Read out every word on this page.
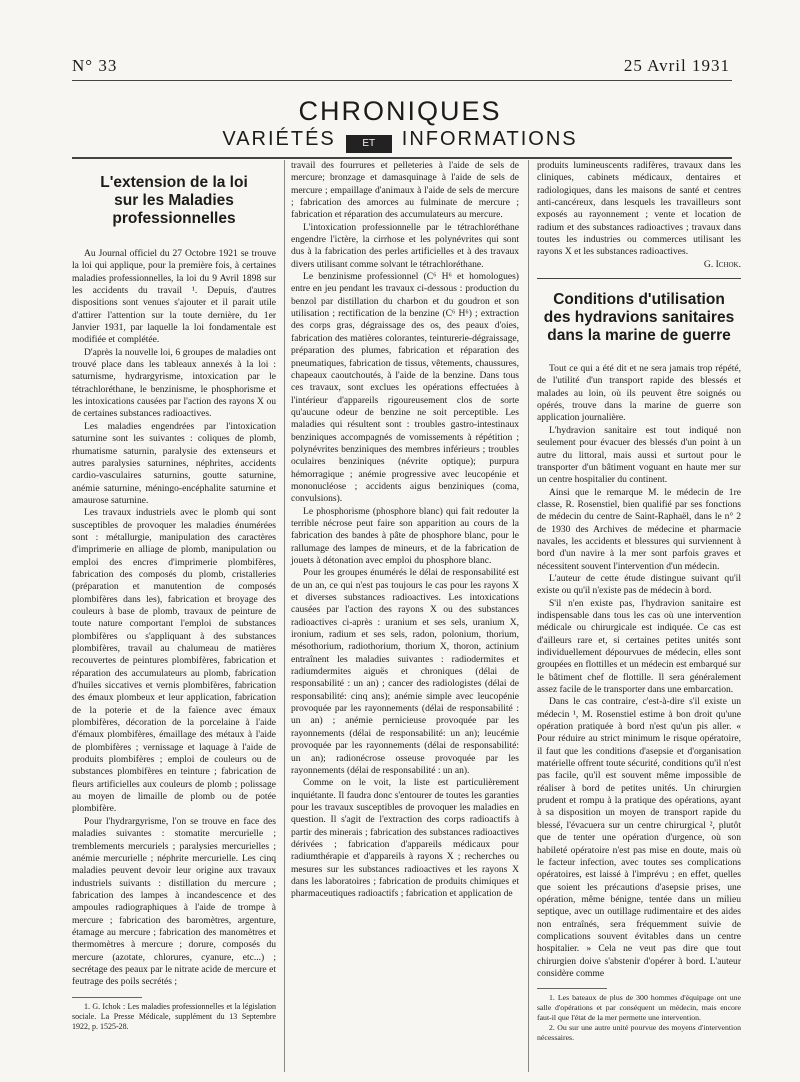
N° 33	25 Avril 1931
CHRONIQUES
VARIÉTÉS	ET INFORMATIONS
L'extension de la loi
sur les Maladies professionnelles

Au Journal officiel du 27 Octobre 1921 se trouve la loi qui applique, pour la première fois, à certaines maladies professionnelles, la loi du 9 Avril 1898 sur les accidents du travail ¹. Depuis, d'autres dispositions sont venues s'ajouter et il parait utile d'attirer l'attention sur la toute dernière, du 1er Janvier 1931, par laquelle la loi fondamentale est modifiée et complétée.

D'après la nouvelle loi, 6 groupes de maladies ont trouvé place dans les tableaux annexés à la loi : saturnisme, hydrargyrisme, intoxication par le tétrachloréthane, le benzinisme, le phosphorisme et les intoxications causées par l'action des rayons X ou de certaines substances radioactives.

Les maladies engendrées par l'intoxication saturnine sont les suivantes : coliques de plomb, rhumatisme saturnin, paralysie des extenseurs et autres paralysies saturnines, néphrites, accidents cardio-vasculaires saturnins, goutte saturnine, anémie saturnine, méningo-encéphalite saturnine et amaurose saturnine.

Les travaux industriels avec le plomb qui sont susceptibles de provoquer les maladies énumérées sont : métallurgie, manipulation des caractères d'imprimerie en alliage de plomb, manipulation ou emploi des encres d'imprimerie plombifères, fabrication des composés du plomb, cristalleries (préparation et manutention de composés plombifères dans les), fabrication et broyage des couleurs à base de plomb, travaux de peinture de toute nature comportant l'emploi de substances plombifères ou s'appliquant à des substances plombifères, travail au chalumeau de matières recouvertes de peintures plombifères, fabrication et réparation des accumulateurs au plomb, fabrication d'huiles siccatives et vernis plombifères, fabrication des émaux plombeux et leur application, fabrication de la poterie et de la faïence avec émaux plombifères, décoration de la porcelaine à l'aide d'émaux plombifères, émaillage des métaux à l'aide de plombifères ; vernissage et laquage à l'aide de produits plombifères ; emploi de couleurs ou de substances plombifères en teinture ; fabrication de fleurs artificielles aux couleurs de plomb ; polissage au moyen de limaille de plomb ou de potée plombifère.

Pour l'hydrargyrisme, l'on se trouve en face des maladies suivantes : stomatite mercurielle ; tremblements mercuriels ; paralysies mercurielles ; anémie mercurielle ; néphrite mercurielle. Les cinq maladies peuvent devoir leur origine aux travaux industriels suivants : distillation du mercure ; fabrication des lampes à incandescence et des ampoules radiographiques à l'aide de trompe à mercure ; fabrication des baromètres, argenture, étamage au mercure ; fabrication des manomètres et thermomètres à mercure ; dorure, composés du mercure (azotate, chlorures, cyanure, etc...) ; secrétage des peaux par le nitrate acide de mercure et feutrage des poils secrétés ;

1. G. Ichok : Les maladies professionnelles et la législation sociale. La Presse Médicale, supplément du 13 Septembre 1922, p. 1525-28.

travail des fourrures et pelleteries à l'aide de sels de mercure; bronzage et damasquinage à l'aide de sels de mercure ; empaillage d'animaux à l'aide de sels de mercure ; fabrication des amorces au fulminate de mercure ; fabrication et réparation des accumulateurs au mercure.

L'intoxication professionnelle par le tétrachloréthane engendre l'ictère, la cirrhose et les polynévrites qui sont dus à la fabrication des perles artificielles et à des travaux divers utilisant comme solvant le tétrachloréthane.

Le benzinisme professionnel (C⁶ H⁶ et homologues) entre en jeu pendant les travaux ci-dessous : production du benzol par distillation du charbon et du goudron et son utilisation ; rectification de la benzine (C⁶ H⁶) ; extraction des corps gras, dégraissage des os, des peaux d'oies, fabrication des matières colorantes, teinturerie-dégraissage, préparation des plumes, fabrication et réparation des pneumatiques, fabrication de tissus, vêtements, chaussures, chapeaux caoutchoutés, à l'aide de la benzine. Dans tous ces travaux, sont exclues les opérations effectuées à l'intérieur d'appareils rigoureusement clos de sorte qu'aucune odeur de benzine ne soit perceptible. Les maladies qui résultent sont : troubles gastro-intestinaux benziniques accompagnés de vomissements à répétition ; polynévrites benziniques des membres inférieurs ; troubles oculaires benziniques (névrite optique); purpura hémorragique ; anémie progressive avec leucopénie et mononucléose ; accidents aigus benziniques (coma, convulsions).

Le phosphorisme (phosphore blanc) qui fait redouter la terrible nécrose peut faire son apparition au cours de la fabrication des bandes à pâte de phosphore blanc, pour le rallumage des lampes de mineurs, et de la fabrication de jouets à détonation avec emploi du phosphore blanc.

Pour les groupes énumérés le délai de responsabilité est de un an, ce qui n'est pas toujours le cas pour les rayons X et diverses substances radioactives. Les intoxications causées par l'action des rayons X ou des substances radioactives ci-après : uranium et ses sels, uranium X, ironium, radium et ses sels, radon, polonium, thorium, mésothorium, radiothorium, thorium X, thoron, actinium entraînent les maladies suivantes : radiodermites et radiumdermites aiguës et chroniques (délai de responsabilité : un an) ; cancer des radiologistes (délai de responsabilité: cinq ans); anémie simple avec leucopénie provoquée par les rayonnements (délai de responsabilité : un an) ; anémie pernicieuse provoquée par les rayonnements (délai de responsabilité: un an); leucémie provoquée par les rayonnements (délai de responsabilité: un an); radionécrose osseuse provoquée par les rayonnements (délai de responsabilité : un an).

Comme on le voit, la liste est particulièrement inquiétante. Il faudra donc s'entourer de toutes les garanties pour les travaux susceptibles de provoquer les maladies en question. Il s'agit de l'extraction des corps radioactifs à partir des minerais ; fabrication des substances radioactives dérivées ; fabrication d'appareils médicaux pour radiumthérapie et d'appareils à rayons X ; recherches ou mesures sur les substances radioactives et les rayons X dans les laboratoires ; fabrication de produits chimiques et pharmaceutiques radioactifs ; fabrication et application de

produits lumineuscents radifères, travaux dans les cliniques, cabinets médicaux, dentaires et radiologiques, dans les maisons de santé et centres anti-cancéreux, dans lesquels les travailleurs sont exposés au rayonnement ; vente et location de radium et des substances radioactives ; travaux dans toutes les industries ou commerces utilisant les rayons X et les substances radioactives.

G. Ichok.

Conditions d'utilisation
des hydravions sanitaires
dans la marine de guerre

Tout ce qui a été dit et ne sera jamais trop répété, de l'utilité d'un transport rapide des blessés et malades au loin, où ils peuvent être soignés ou opérés, trouve dans la marine de guerre son application journalière.

L'hydravion sanitaire est tout indiqué non seulement pour évacuer des blessés d'un point à un autre du littoral, mais aussi et surtout pour le transporter d'un bâtiment voguant en haute mer sur un centre hospitalier du continent.

Ainsi que le remarque M. le médecin de 1re classe, R. Rosenstiel, bien qualifié par ses fonctions de médecin du centre de Saint-Raphaël, dans le n° 2 de 1930 des Archives de médecine et pharmacie navales, les accidents et blessures qui surviennent à bord d'un navire à la mer sont parfois graves et nécessitent souvent l'intervention d'un médecin.

L'auteur de cette étude distingue suivant qu'il existe ou qu'il n'existe pas de médecin à bord.

S'il n'en existe pas, l'hydravion sanitaire est indispensable dans tous les cas où une intervention médicale ou chirurgicale est indiquée. Ce cas est d'ailleurs rare et, si certaines petites unités sont individuellement dépourvues de médecin, elles sont groupées en flottilles et un médecin est embarqué sur le bâtiment chef de flottille. Il sera généralement assez facile de le transporter dans une embarcation.

Dans le cas contraire, c'est-à-dire s'il existe un médecin ¹, M. Rosenstiel estime à bon droit qu'une opération pratiquée à bord n'est qu'un pis aller. « Pour réduire au strict minimum le risque opératoire, il faut que les conditions d'asepsie et d'organisation matérielle offrent toute sécurité, conditions qu'il n'est pas facile, qu'il est souvent même impossible de réaliser à bord de petites unités. Un chirurgien prudent et rompu à la pratique des opérations, ayant à sa disposition un moyen de transport rapide du blessé, l'évacuera sur un centre chirurgical ², plutôt que de tenter une opération d'urgence, où son habileté opératoire n'est pas mise en doute, mais où le facteur infection, avec toutes ses complications opératoires, est laissé à l'imprévu ; en effet, quelles que soient les précautions d'asepsie prises, une opération, même bénigne, tentée dans un milieu septique, avec un outillage rudimentaire et des aides non entraînés, sera fréquemment suivie de complications souvent évitables dans un centre hospitalier. » Cela ne veut pas dire que tout chirurgien doive s'abstenir d'opérer à bord. L'auteur considère comme

1. Les bateaux de plus de 300 hommes d'équipage ont une salle d'opérations et par conséquent un médecin, mais encore faut-il que l'état de la mer permette une intervention.

2. Ou sur une autre unité pourvue des moyens d'intervention nécessaires.
